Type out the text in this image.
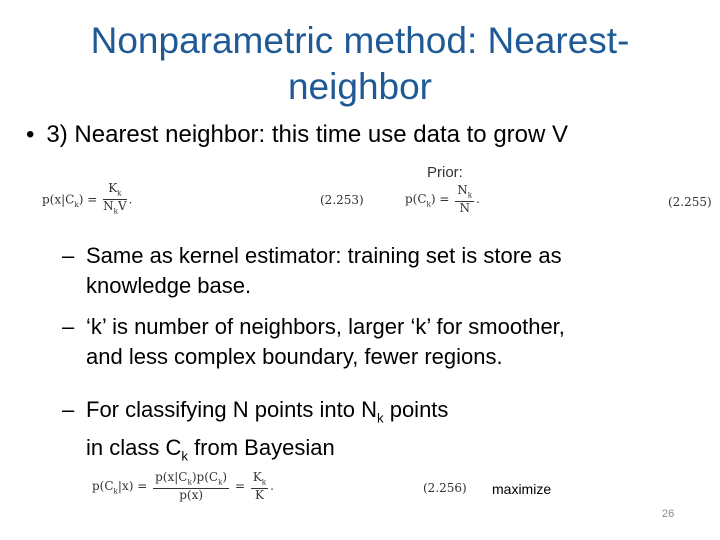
Nonparametric method: Nearest-neighbor
• 3) Nearest neighbor: this time use data to grow V
Prior:
$p(x|C_k) = \frac{K_k}{N_kV}$ .	(2.253)	$p(C_k) = \frac{N_k}{N}$ .	(2.255)
– Same as kernel estimator: training set is store as
knowledge base.
– ‘k’ is number of neighbors, larger ‘k’ for smoother,
and less complex boundary, fewer regions.
– For classifying N points into $N_k$ points
in class $C_k$ from Bayesian
$p(C_k|x) = \frac{p(x|C_k)p(C_k)}{p(x)} = \frac{K_k}{K}$ .	(2.256) maximize
26
